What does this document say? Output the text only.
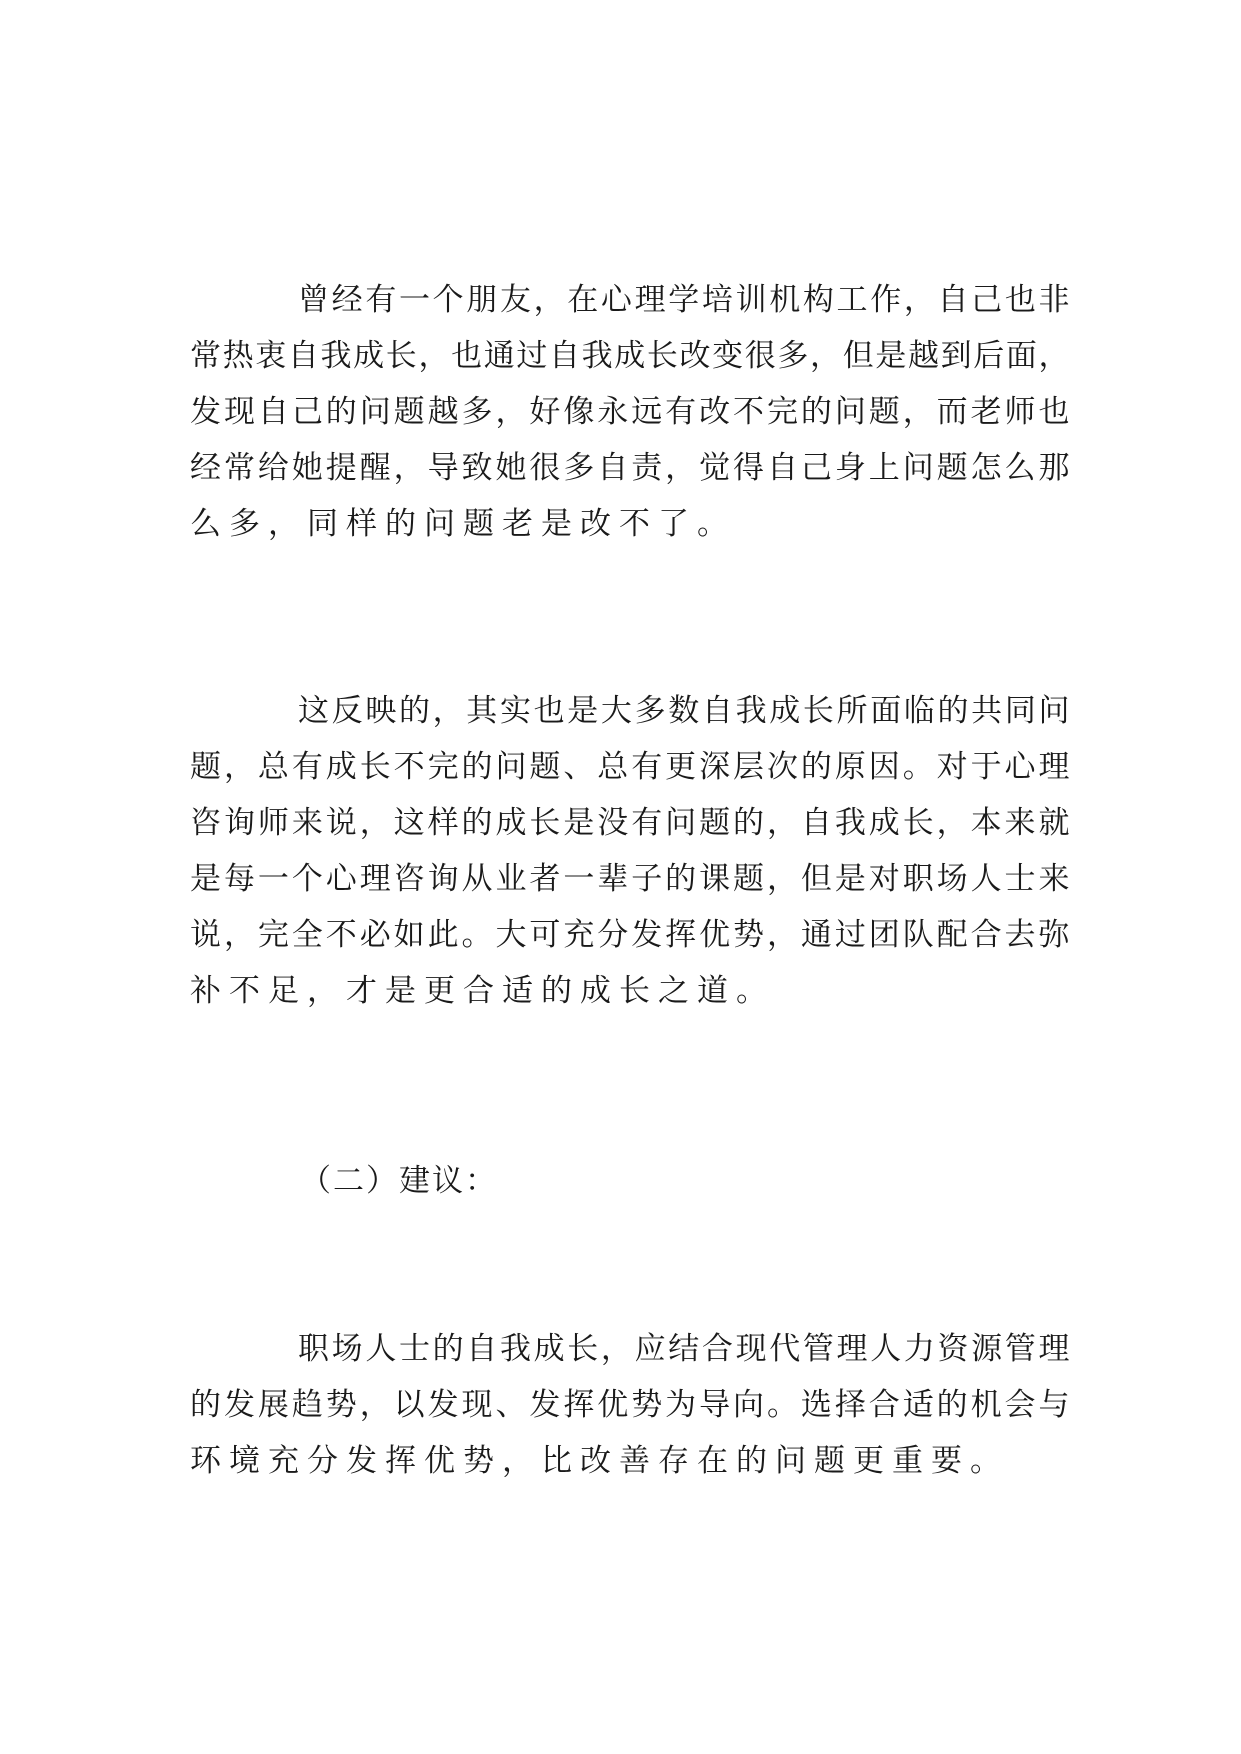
曾经有一个朋友，在心理学培训机构工作，自己也非
常热衷自我成长，也通过自我成长改变很多，但是越到后面，
发现自己的问题越多，好像永远有改不完的问题，而老师也
经常给她提醒，导致她很多自责，觉得自己身上问题怎么那
么多，同样的问题老是改不了。
这反映的，其实也是大多数自我成长所面临的共同问
题，总有成长不完的问题、总有更深层次的原因。对于心理
咨询师来说，这样的成长是没有问题的，自我成长，本来就
是每一个心理咨询从业者一辈子的课题，但是对职场人士来
说，完全不必如此。大可充分发挥优势，通过团队配合去弥
补不足，才是更合适的成长之道。
（二）建议：
职场人士的自我成长，应结合现代管理人力资源管理
的发展趋势，以发现、发挥优势为导向。选择合适的机会与
环境充分发挥优势，比改善存在的问题更重要。
